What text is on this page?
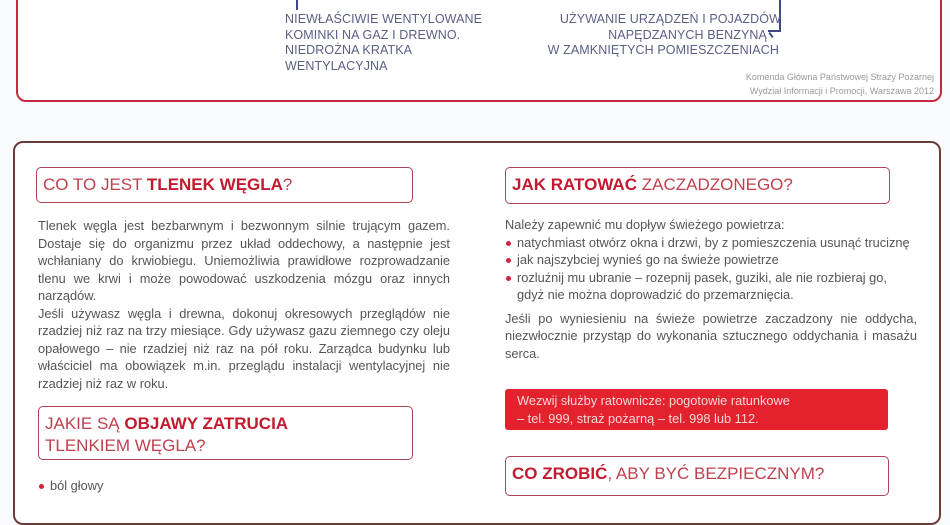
NIEWŁAŚCIWIE WENTYLOWANE
KOMINKI NA GAZ I DREWNO.
NIEDROŻNA KRATKA
WENTYLACYJNA
UŻYWANIE URZĄDZEŃ I POJAZDÓW
NAPĘDZANYCH BENZYNĄ
W ZAMKNIĘTYCH POMIESZCZENIACH
Komenda Główna Państwowej Straży Pożarnej
Wydział Informacji i Promocji, Warszawa 2012
CO TO JEST TLENEK WĘGLA?

Tlenek węgla jest bezbarwnym i bezwonnym silnie trującym gazem. Dostaje się do organizmu przez układ oddechowy, a następnie jest wchłaniany do krwiobiegu. Uniemożliwia prawidłowe rozprowadzanie tlenu we krwi i może powodować uszkodzenia mózgu oraz innych narządów.

Jeśli używasz węgla i drewna, dokonuj okresowych przeglądów nie rzadziej niż raz na trzy miesiące. Gdy używasz gazu ziemnego czy oleju opałowego – nie rzadziej niż raz na pół roku. Zarządca budynku lub właściciel ma obowiązek m.in. przeglądu instalacji wentylacyjnej nie rzadziej niż raz w roku.

JAKIE SĄ OBJAWY ZATRUCIA
TLENKIEM WĘGLA?
ból głowy
JAK RATOWAĆ ZACZADZONEGO?

Należy zapewnić mu dopływ świeżego powietrza:

natychmiast otwórz okna i drzwi, by z pomieszczenia usunąć truciznę
jak najszybciej wynieś go na świeże powietrze
rozluźnij mu ubranie – rozepnij pasek, guziki, ale nie rozbieraj go, gdyż nie można doprowadzić do przemarznięcia.

Jeśli po wyniesieniu na świeże powietrze zaczadzony nie oddycha, niezwłocznie przystąp do wykonania sztucznego oddychania i masażu serca.

Wezwij służby ratownicze: pogotowie ratunkowe
– tel. 999, straż pożarną – tel. 998 lub 112.
CO ZROBIĆ, ABY BYĆ BEZPIECZNYM?
